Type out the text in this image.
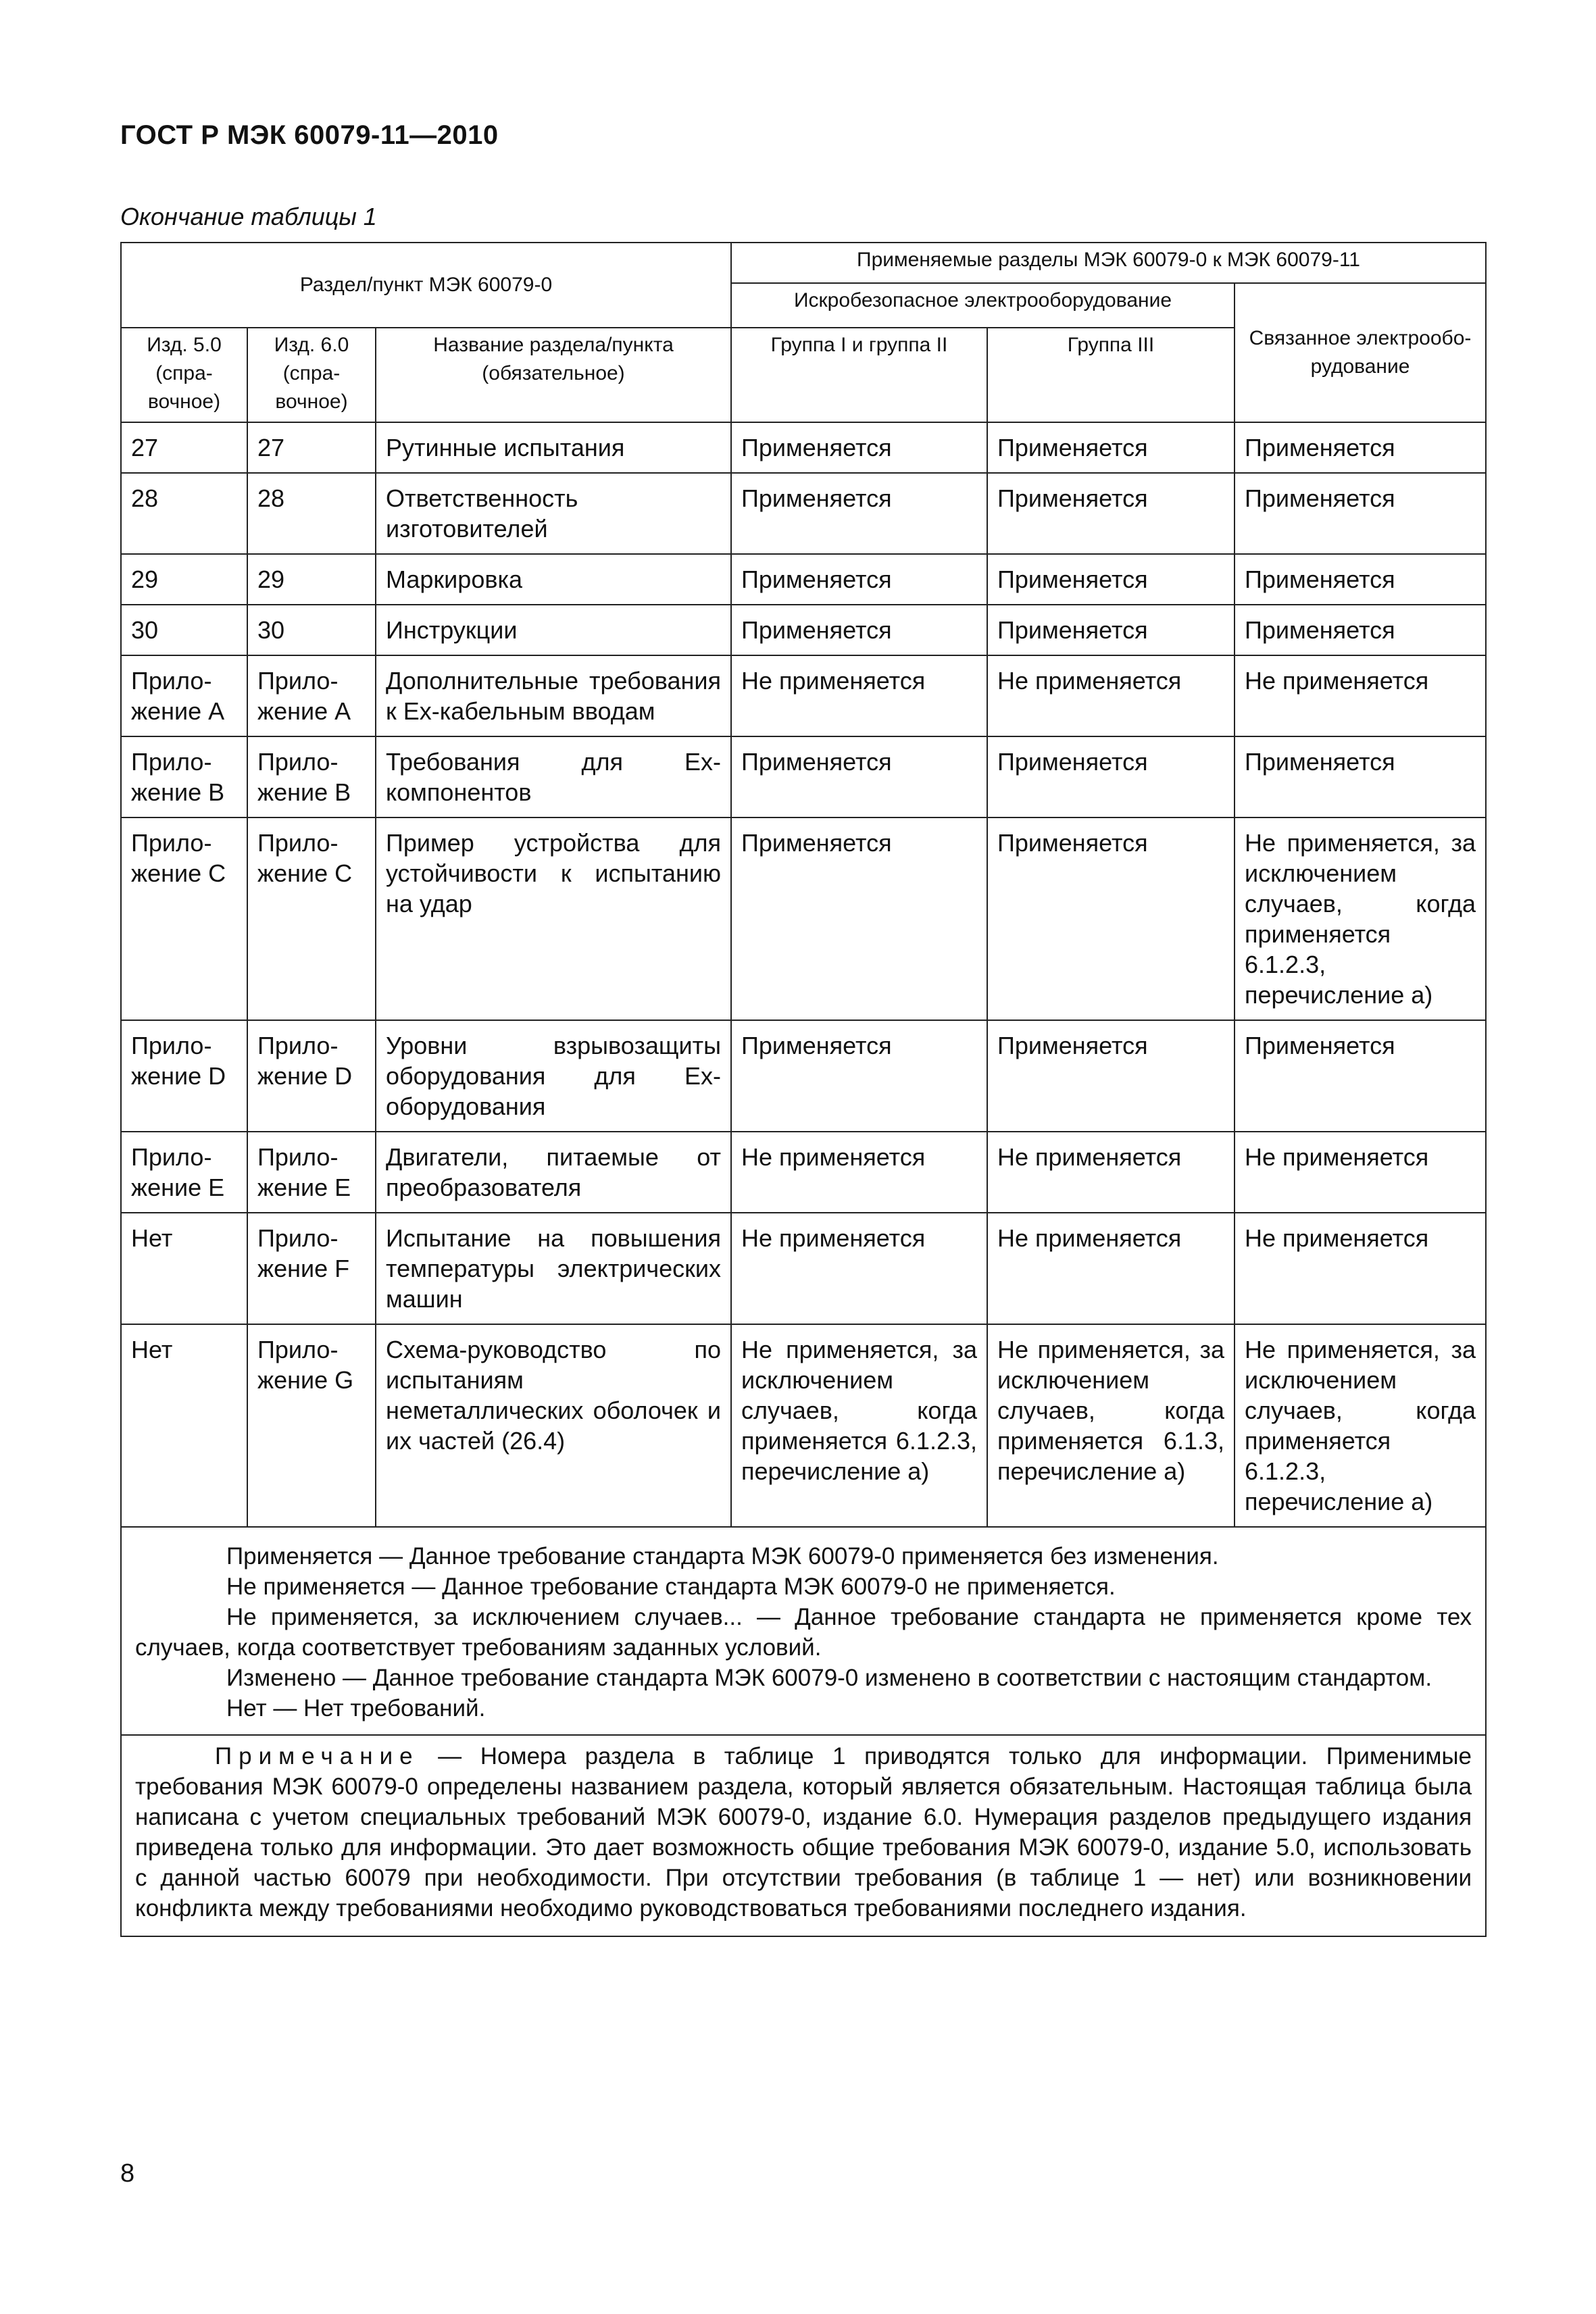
ГОСТ Р МЭК 60079-11—2010
Окончание таблицы 1
Раздел/пункт МЭК 60079-0			Применяемые разделы МЭК 60079-0 к МЭК 60079-11		
			Искробезопасное электрооборудование		Связанное электрообо-рудование
Изд. 5.0 (спра-вочное)	Изд. 6.0 (спра-вочное)	Название раздела/пункта (обязательное)	Группа I и группа II	Группа III	
27	27	Рутинные испытания	Применяется	Применяется	Применяется
28	28	Ответственность изготовителей	Применяется	Применяется	Применяется
29	29	Маркировка	Применяется	Применяется	Применяется
30	30	Инструкции	Применяется	Применяется	Применяется
Прило-жение А	Прило-жение А	Дополнительные требования к Ех-кабельным вводам	Не применяется	Не применяется	Не применяется
Прило-жение В	Прило-жение В	Требования для Ех-компонентов	Применяется	Применяется	Применяется
Прило-жение С	Прило-жение С	Пример устройства для устойчивости к испытанию на удар	Применяется	Применяется	Не применяется, за исключением случаев, когда применяется 6.1.2.3, перечисление а)
Прило-жение D	Прило-жение D	Уровни взрывозащиты оборудования для Ех-оборудования	Применяется	Применяется	Применяется
Прило-жение Е	Прило-жение Е	Двигатели, питаемые от преобразователя	Не применяется	Не применяется	Не применяется
Нет	Прило-жение F	Испытание на повышения температуры электрических машин	Не применяется	Не применяется	Не применяется
Нет	Прило-жение G	Схема-руководство по испытаниям неметаллических оболочек и их частей (26.4)	Не применяется, за исключением случаев, когда применяется 6.1.2.3, перечисление а)	Не применяется, за исключением случаев, когда применяется 6.1.3, перечисление а)	Не применяется, за исключением случаев, когда применяется 6.1.2.3, перечисление а)

Применяется — Данное требование стандарта МЭК 60079-0 применяется без изменения.

Не применяется — Данное требование стандарта МЭК 60079-0 не применяется.

Не применяется, за исключением случаев... — Данное требование стандарта не применяется кроме тех случаев, когда соответствует требованиям заданных условий.

Изменено — Данное требование стандарта МЭК 60079-0 изменено в соответствии с настоящим стандартом.

Нет — Нет требований.					

Примечание — Номера раздела в таблице 1 приводятся только для информации. Применимые требования МЭК 60079-0 определены названием раздела, который является обязательным. Настоящая таблица была написана с учетом специальных требований МЭК 60079-0, издание 6.0. Нумерация разделов предыдущего издания приведена только для информации. Это дает возможность общие требования МЭК 60079-0, издание 5.0, использовать с данной частью 60079 при необходимости. При отсутствии требования (в таблице 1 — нет) или возникновении конфликта между требованиями необходимо руководствоваться требованиями последнего издания.					
8
